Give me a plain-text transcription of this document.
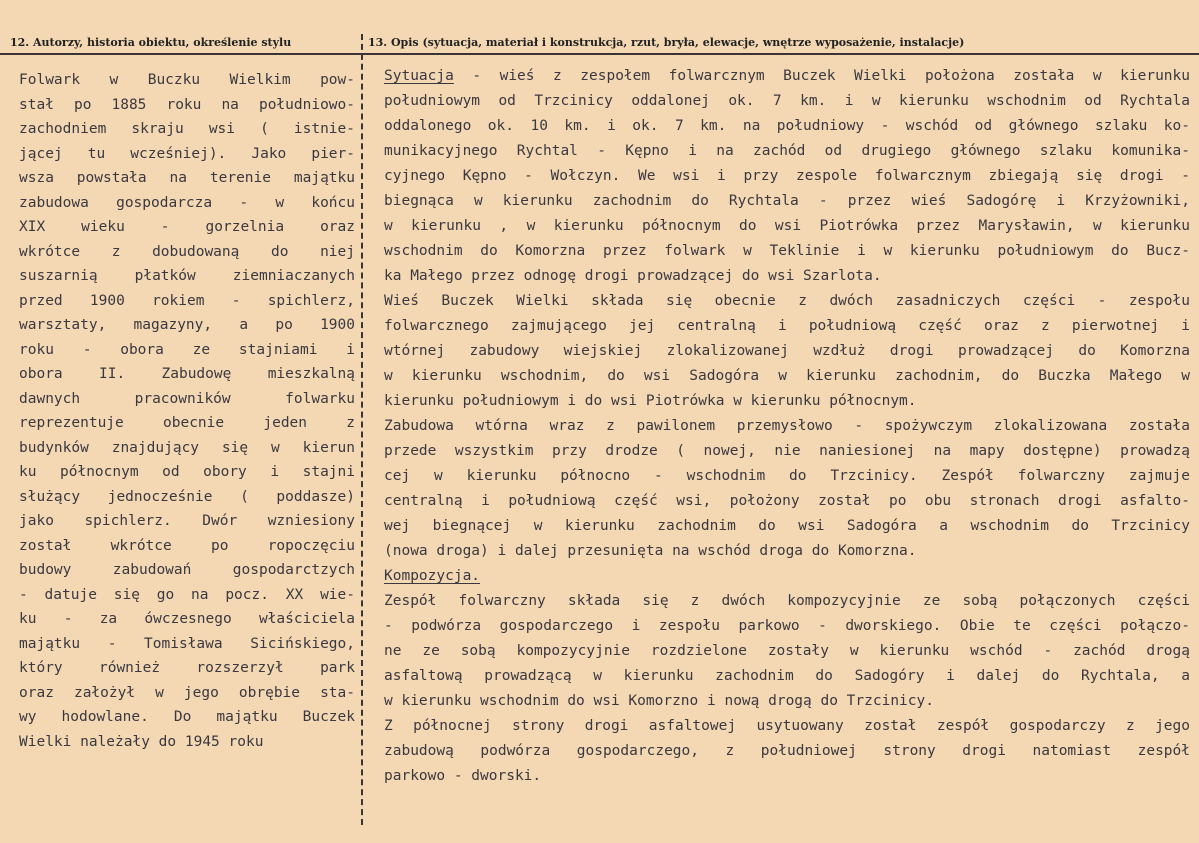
12. Autorzy, historia obiektu, określenie stylu	13. Opis (sytuacja, materiał i konstrukcja, rzut, bryła, elewacje, wnętrze wyposażenie, instalacje)
Folwark w Buczku Wielkim pow-
stał po 1885 roku na południowo-
zachodniem skraju wsi ( istnie-
jącej tu wcześniej). Jako pier-
wsza powstała na terenie majątku
zabudowa gospodarcza - w końcu
XIX wieku - gorzelnia oraz
wkrótce z dobudowaną do niej
suszarnią płatków ziemniaczanych
przed 1900 rokiem - spichlerz,
warsztaty, magazyny, a po 1900
roku - obora ze stajniami i
obora II. Zabudowę mieszkalną
dawnych pracowników folwarku
reprezentuje obecnie jeden z
budynków znajdujący się w kierun
ku północnym od obory i stajni
służący jednocześnie ( poddasze)
jako spichlerz. Dwór wzniesiony
został wkrótce po ropoczęciu
budowy zabudowań gospodarctzych
- datuje się go na pocz. XX wie-
ku - za ówczesnego właściciela
majątku - Tomisława Sicińskiego,
który również rozszerzył park
oraz założył w jego obrębie sta-
wy hodowlane. Do majątku Buczek
Wielki należały do 1945 roku
Sytuacja - wieś z zespołem folwarcznym Buczek Wielki położona została w kierunku
południowym od Trzcinicy oddalonej ok. 7 km. i w kierunku wschodnim od Rychtala
oddalonego ok. 10 km. i ok. 7 km. na południowy - wschód od głównego szlaku ko-
munikacyjnego Rychtal - Kępno i na zachód od drugiego głównego szlaku komunika-
cyjnego Kępno - Wołczyn. We wsi i przy zespole folwarcznym zbiegają się drogi -
biegnąca w kierunku zachodnim do Rychtala - przez wieś Sadogórę i Krzyżowniki,
w kierunku , w kierunku północnym do wsi Piotrówka przez Marysławin, w kierunku
wschodnim do Komorzna przez folwark w Teklinie i w kierunku południowym do Bucz-
ka Małego przez odnogę drogi prowadzącej do wsi Szarlota.
Wieś Buczek Wielki składa się obecnie z dwóch zasadniczych części - zespołu
folwarcznego zajmującego jej centralną i południową część oraz z pierwotnej i
wtórnej zabudowy wiejskiej zlokalizowanej wzdłuż drogi prowadzącej do Komorzna
w kierunku wschodnim, do wsi Sadogóra w kierunku zachodnim, do Buczka Małego w
kierunku południowym i do wsi Piotrówka w kierunku północnym.
Zabudowa wtórna wraz z pawilonem przemysłowo - spożywczym zlokalizowana została
przede wszystkim przy drodze ( nowej, nie naniesionej na mapy dostępne) prowadzą
cej w kierunku północno - wschodnim do Trzcinicy. Zespół folwarczny zajmuje
centralną i południową część wsi, położony został po obu stronach drogi asfalto-
wej biegnącej w kierunku zachodnim do wsi Sadogóra a wschodnim do Trzcinicy
(nowa droga) i dalej przesunięta na wschód droga do Komorzna.
Kompozycja.
Zespół folwarczny składa się z dwóch kompozycyjnie ze sobą połączonych części
- podwórza gospodarczego i zespołu parkowo - dworskiego. Obie te części połączo-
ne ze sobą kompozycyjnie rozdzielone zostały w kierunku wschód - zachód drogą
asfaltową prowadzącą w kierunku zachodnim do Sadogóry i dalej do Rychtala, a
w kierunku wschodnim do wsi Komorzno i nową drogą do Trzcinicy.
Z północnej strony drogi asfaltowej usytuowany został zespół gospodarczy z jego
zabudową podwórza gospodarczego, z południowej strony drogi natomiast zespół
parkowo - dworski.
